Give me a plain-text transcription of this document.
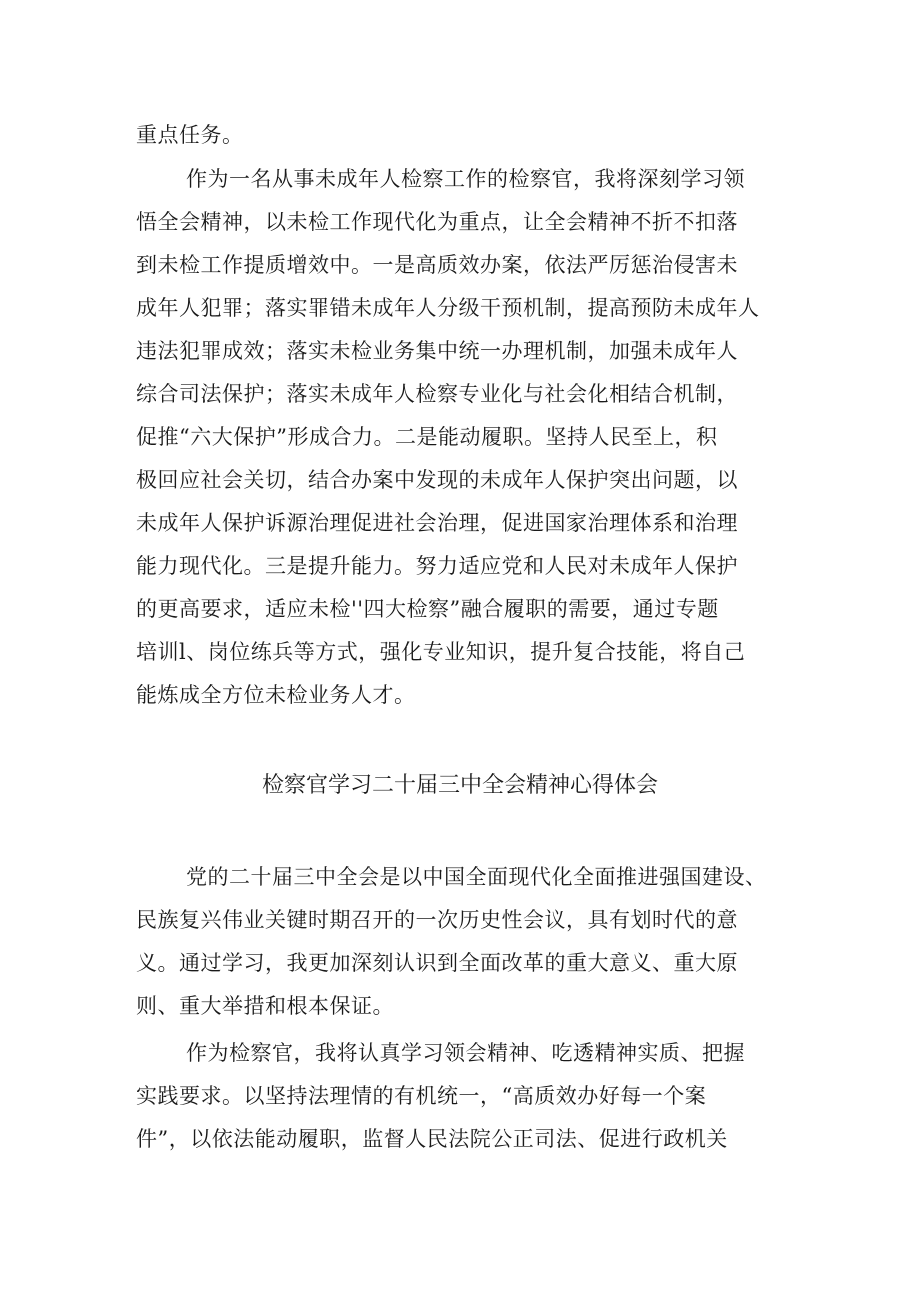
重点任务。
作为一名从事未成年人检察工作的检察官，我将深刻学习领
悟全会精神，以未检工作现代化为重点，让全会精神不折不扣落
到未检工作提质增效中。一是高质效办案，依法严厉惩治侵害未
成年人犯罪；落实罪错未成年人分级干预机制，提高预防未成年人
违法犯罪成效；落实未检业务集中统一办理机制，加强未成年人
综合司法保护；落实未成年人检察专业化与社会化相结合机制，
促推“六大保护”形成合力。二是能动履职。坚持人民至上，积
极回应社会关切，结合办案中发现的未成年人保护突出问题，以
未成年人保护诉源治理促进社会治理，促进国家治理体系和治理
能力现代化。三是提升能力。努力适应党和人民对未成年人保护
的更高要求，适应未检''四大检察”融合履职的需要，通过专题
培训l、岗位练兵等方式，强化专业知识，提升复合技能，将自己
能炼成全方位未检业务人才。
检察官学习二十届三中全会精神心得体会
党的二十届三中全会是以中国全面现代化全面推进强国建设、
民族复兴伟业关键时期召开的一次历史性会议，具有划时代的意
义。通过学习，我更加深刻认识到全面改革的重大意义、重大原
则、重大举措和根本保证。
作为检察官，我将认真学习领会精神、吃透精神实质、把握
实践要求。以坚持法理情的有机统一，“高质效办好每一个案
件”，以依法能动履职，监督人民法院公正司法、促进行政机关
